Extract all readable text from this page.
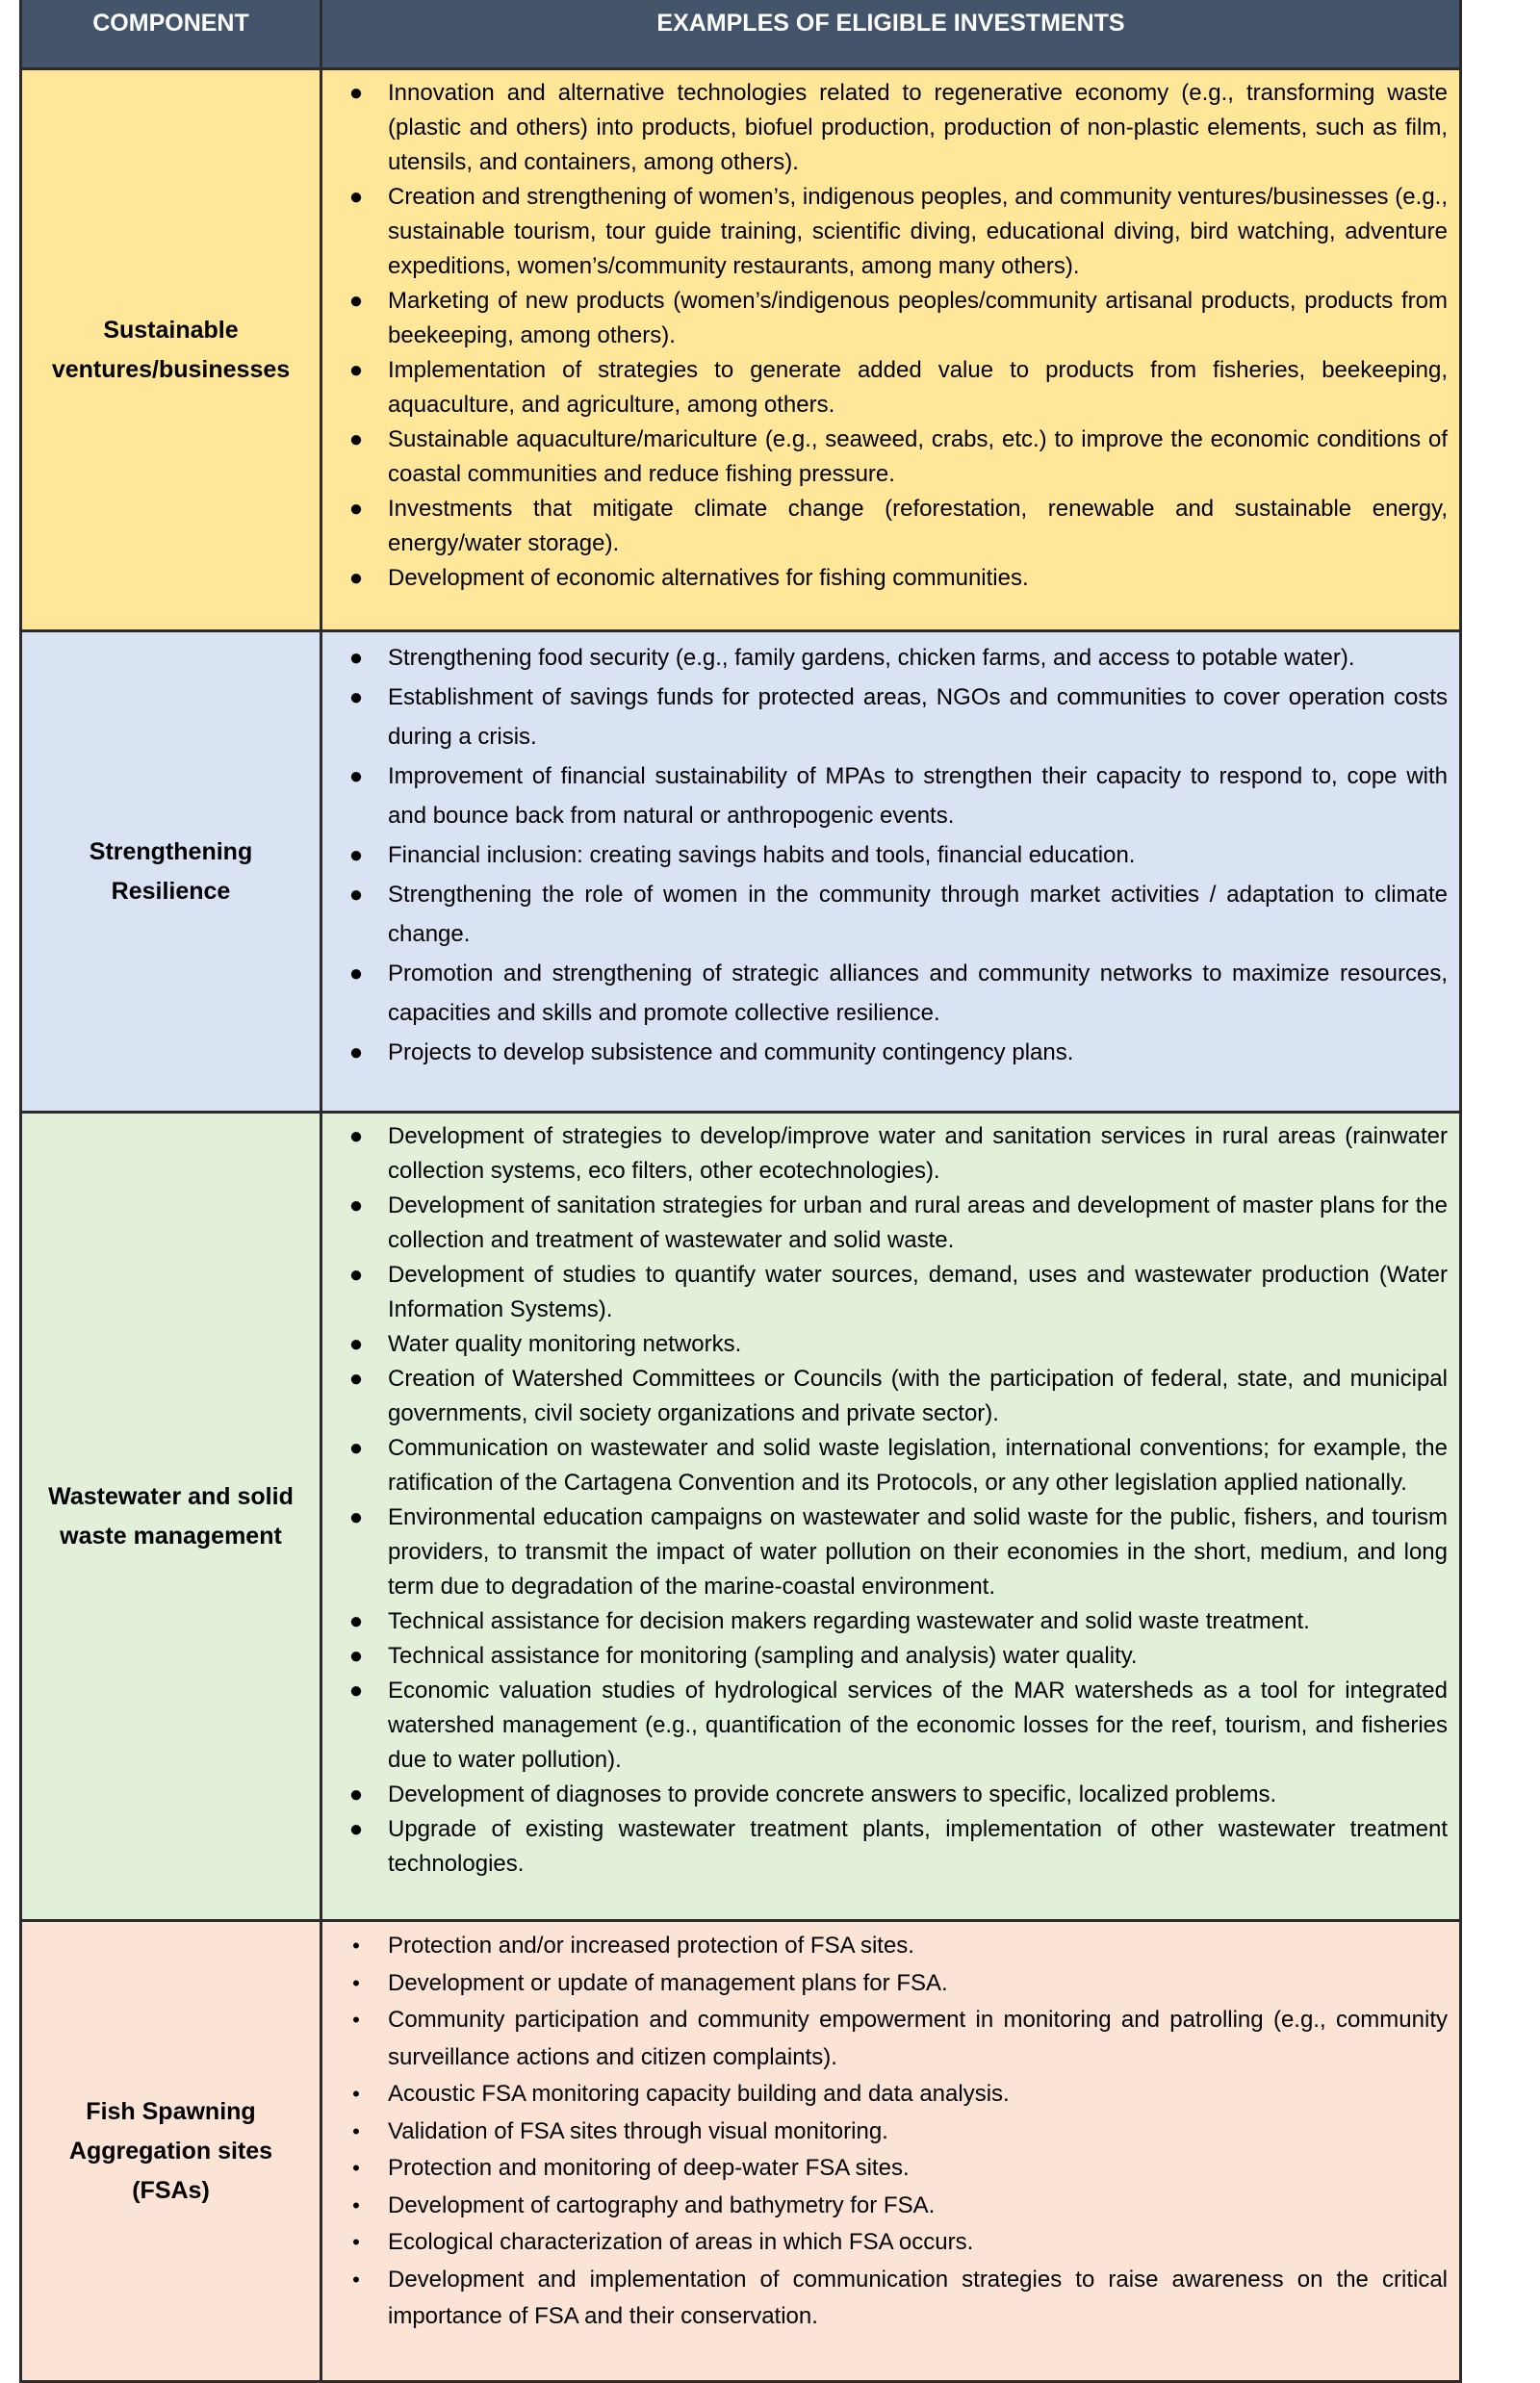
COMPONENT	EXAMPLES OF ELIGIBLE INVESTMENTS
Sustainable ventures/businesses
●	Innovation and alternative technologies related to regenerative economy (e.g., transforming waste (plastic and others) into products, biofuel production, production of non-plastic elements, such as film, utensils, and containers, among others).
●	Creation and strengthening of women’s, indigenous peoples, and community ventures/businesses (e.g., sustainable tourism, tour guide training, scientific diving, educational diving, bird watching, adventure expeditions, women’s/community restaurants, among many others).
●	Marketing of new products (women’s/indigenous peoples/community artisanal products, products from beekeeping, among others).
●	Implementation of strategies to generate added value to products from fisheries, beekeeping, aquaculture, and agriculture, among others.
●	Sustainable aquaculture/mariculture (e.g., seaweed, crabs, etc.) to improve the economic conditions of coastal communities and reduce fishing pressure.
●	Investments that mitigate climate change (reforestation, renewable and sustainable energy, energy/water storage).
●	Development of economic alternatives for fishing communities.
Strengthening Resilience
●	Strengthening food security (e.g., family gardens, chicken farms, and access to potable water).
●	Establishment of savings funds for protected areas, NGOs and communities to cover operation costs during a crisis.
●	Improvement of financial sustainability of MPAs to strengthen their capacity to respond to, cope with and bounce back from natural or anthropogenic events.
●	Financial inclusion: creating savings habits and tools, financial education.
●	Strengthening the role of women in the community through market activities / adaptation to climate change.
●	Promotion and strengthening of strategic alliances and community networks to maximize resources, capacities and skills and promote collective resilience.
●	Projects to develop subsistence and community contingency plans.
Wastewater and solid waste management
●	Development of strategies to develop/improve water and sanitation services in rural areas (rainwater collection systems, eco filters, other ecotechnologies).
●	Development of sanitation strategies for urban and rural areas and development of master plans for the collection and treatment of wastewater and solid waste.
●	Development of studies to quantify water sources, demand, uses and wastewater production (Water Information Systems).
●	Water quality monitoring networks.
●	Creation of Watershed Committees or Councils (with the participation of federal, state, and municipal governments, civil society organizations and private sector).
●	Communication on wastewater and solid waste legislation, international conventions; for example, the ratification of the Cartagena Convention and its Protocols, or any other legislation applied nationally.
●	Environmental education campaigns on wastewater and solid waste for the public, fishers, and tourism providers, to transmit the impact of water pollution on their economies in the short, medium, and long term due to degradation of the marine-coastal environment.
●	Technical assistance for decision makers regarding wastewater and solid waste treatment.
●	Technical assistance for monitoring (sampling and analysis) water quality.
●	Economic valuation studies of hydrological services of the MAR watersheds as a tool for integrated watershed management (e.g., quantification of the economic losses for the reef, tourism, and fisheries due to water pollution).
●	Development of diagnoses to provide concrete answers to specific, localized problems.
●	Upgrade of existing wastewater treatment plants, implementation of other wastewater treatment technologies.
Fish Spawning Aggregation sites (FSAs)
•	Protection and/or increased protection of FSA sites.
•	Development or update of management plans for FSA.
•	Community participation and community empowerment in monitoring and patrolling (e.g., community surveillance actions and citizen complaints).
•	Acoustic FSA monitoring capacity building and data analysis.
•	Validation of FSA sites through visual monitoring.
•	Protection and monitoring of deep-water FSA sites.
•	Development of cartography and bathymetry for FSA.
•	Ecological characterization of areas in which FSA occurs.
•	Development and implementation of communication strategies to raise awareness on the critical importance of FSA and their conservation.
